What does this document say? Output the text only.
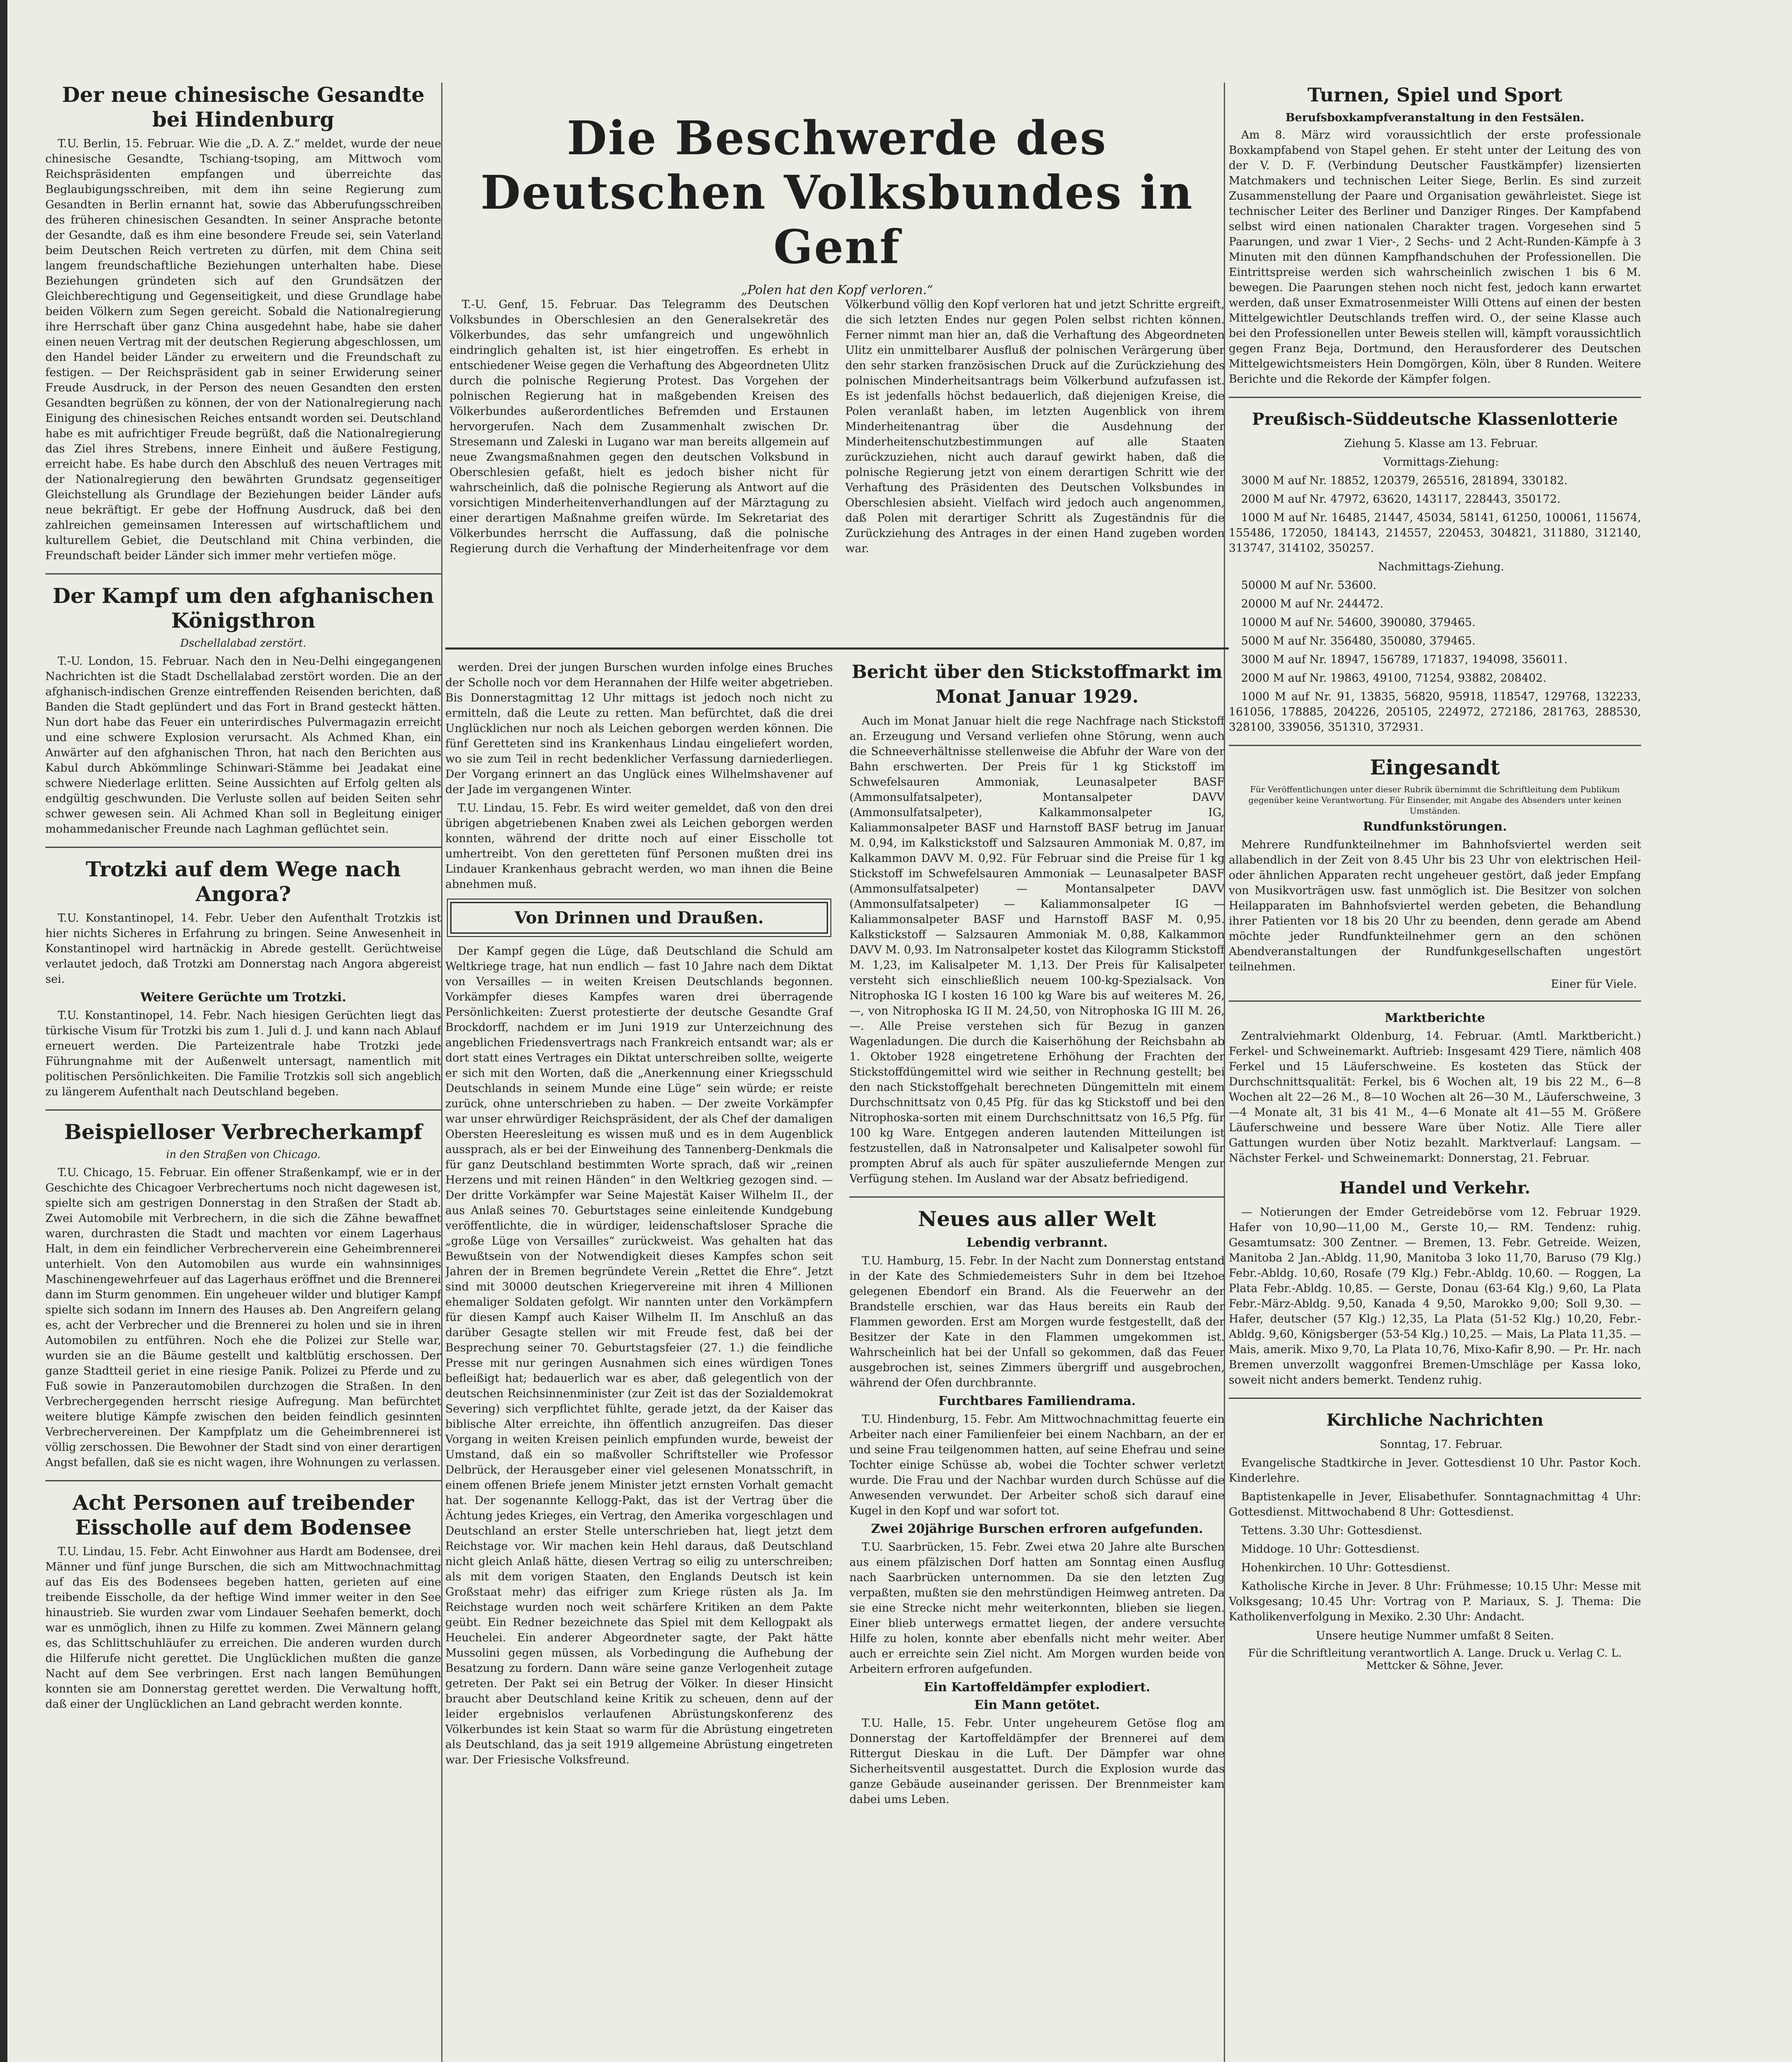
Der neue chinesische Gesandte bei Hindenburg

T.U. Berlin, 15. Februar. Wie die „D. A. Z.“ meldet, wurde der neue chinesische Gesandte, Tschiang-tsoping, am Mittwoch vom Reichspräsidenten empfangen und überreichte das Beglaubigungsschreiben, mit dem ihn seine Regierung zum Gesandten in Berlin ernannt hat, sowie das Abberufungsschreiben des früheren chinesischen Gesandten. In seiner Ansprache betonte der Gesandte, daß es ihm eine besondere Freude sei, sein Vaterland beim Deutschen Reich vertreten zu dürfen, mit dem China seit langem freundschaftliche Beziehungen unterhalten habe. Diese Beziehungen gründeten sich auf den Grundsätzen der Gleichberechtigung und Gegenseitigkeit, und diese Grundlage habe beiden Völkern zum Segen gereicht. Sobald die Nationalregierung ihre Herrschaft über ganz China ausgedehnt habe, habe sie daher einen neuen Vertrag mit der deutschen Regierung abgeschlossen, um den Handel beider Länder zu erweitern und die Freundschaft zu festigen. — Der Reichspräsident gab in seiner Erwiderung seiner Freude Ausdruck, in der Person des neuen Gesandten den ersten Gesandten begrüßen zu können, der von der Nationalregierung nach Einigung des chinesischen Reiches entsandt worden sei. Deutschland habe es mit aufrichtiger Freude begrüßt, daß die Nationalregierung das Ziel ihres Strebens, innere Einheit und äußere Festigung, erreicht habe. Es habe durch den Abschluß des neuen Vertrages mit der Nationalregierung den bewährten Grundsatz gegenseitiger Gleichstellung als Grundlage der Beziehungen beider Länder aufs neue bekräftigt. Er gebe der Hoffnung Ausdruck, daß bei den zahlreichen gemeinsamen Interessen auf wirtschaftlichem und kulturellem Gebiet, die Deutschland mit China verbinden, die Freundschaft beider Länder sich immer mehr vertiefen möge.

Der Kampf um den afghanischen Königsthron
Dschellalabad zerstört.

T.-U. London, 15. Februar. Nach den in Neu-Delhi eingegangenen Nachrichten ist die Stadt Dschellalabad zerstört worden. Die an der afghanisch-indischen Grenze eintreffenden Reisenden berichten, daß Banden die Stadt geplündert und das Fort in Brand gesteckt hätten. Nun dort habe das Feuer ein unterirdisches Pulvermagazin erreicht und eine schwere Explosion verursacht. Als Achmed Khan, ein Anwärter auf den afghanischen Thron, hat nach den Berichten aus Kabul durch Abkömmlinge Schinwari-Stämme bei Jeadakat eine schwere Niederlage erlitten. Seine Aussichten auf Erfolg gelten als endgültig geschwunden. Die Verluste sollen auf beiden Seiten sehr schwer gewesen sein. Ali Achmed Khan soll in Begleitung einiger mohammedanischer Freunde nach Laghman geflüchtet sein.

Trotzki auf dem Wege nach Angora?

T.U. Konstantinopel, 14. Febr. Ueber den Aufenthalt Trotzkis ist hier nichts Sicheres in Erfahrung zu bringen. Seine Anwesenheit in Konstantinopel wird hartnäckig in Abrede gestellt. Gerüchtweise verlautet jedoch, daß Trotzki am Donnerstag nach Angora abgereist sei.

Weitere Gerüchte um Trotzki.

T.U. Konstantinopel, 14. Febr. Nach hiesigen Gerüchten liegt das türkische Visum für Trotzki bis zum 1. Juli d. J. und kann nach Ablauf erneuert werden. Die Parteizentrale habe Trotzki jede Führungnahme mit der Außenwelt untersagt, namentlich mit politischen Persönlichkeiten. Die Familie Trotzkis soll sich angeblich zu längerem Aufenthalt nach Deutschland begeben.

Beispielloser Verbrecherkampf
in den Straßen von Chicago.

T.U. Chicago, 15. Februar. Ein offener Straßenkampf, wie er in der Geschichte des Chicagoer Verbrechertums noch nicht dagewesen ist, spielte sich am gestrigen Donnerstag in den Straßen der Stadt ab. Zwei Automobile mit Verbrechern, in die sich die Zähne bewaffnet waren, durchrasten die Stadt und machten vor einem Lagerhaus Halt, in dem ein feindlicher Verbrecherverein eine Geheimbrennerei unterhielt. Von den Automobilen aus wurde ein wahnsinniges Maschinengewehrfeuer auf das Lagerhaus eröffnet und die Brennerei dann im Sturm genommen. Ein ungeheuer wilder und blutiger Kampf spielte sich sodann im Innern des Hauses ab. Den Angreifern gelang es, acht der Verbrecher und die Brennerei zu holen und sie in ihren Automobilen zu entführen. Noch ehe die Polizei zur Stelle war, wurden sie an die Bäume gestellt und kaltblütig erschossen. Der ganze Stadtteil geriet in eine riesige Panik. Polizei zu Pferde und zu Fuß sowie in Panzerautomobilen durchzogen die Straßen. In den Verbrechergegenden herrscht riesige Aufregung. Man befürchtet weitere blutige Kämpfe zwischen den beiden feindlich gesinnten Verbrechervereinen. Der Kampfplatz um die Geheimbrennerei ist völlig zerschossen. Die Bewohner der Stadt sind von einer derartigen Angst befallen, daß sie es nicht wagen, ihre Wohnungen zu verlassen.

Acht Personen auf treibender Eisscholle auf dem Bodensee

T.U. Lindau, 15. Febr. Acht Einwohner aus Hardt am Bodensee, drei Männer und fünf junge Burschen, die sich am Mittwochnachmittag auf das Eis des Bodensees begeben hatten, gerieten auf eine treibende Eisscholle, da der heftige Wind immer weiter in den See hinaustrieb. Sie wurden zwar vom Lindauer Seehafen bemerkt, doch war es unmöglich, ihnen zu Hilfe zu kommen. Zwei Männern gelang es, das Schlittschuhläufer zu erreichen. Die anderen wurden durch die Hilferufe nicht gerettet. Die Unglücklichen mußten die ganze Nacht auf dem See verbringen. Erst nach langen Bemühungen konnten sie am Donnerstag gerettet werden. Die Verwaltung hofft, daß einer der Unglücklichen an Land gebracht werden konnte.

Die Beschwerde des Deutschen Volksbundes in Genf
„Polen hat den Kopf verloren.“

T.-U. Genf, 15. Februar. Das Telegramm des Deutschen Volksbundes in Oberschlesien an den Generalsekretär des Völkerbundes, das sehr umfangreich und ungewöhnlich eindringlich gehalten ist, ist hier eingetroffen. Es erhebt in entschiedener Weise gegen die Verhaftung des Abgeordneten Ulitz durch die polnische Regierung Protest. Das Vorgehen der polnischen Regierung hat in maßgebenden Kreisen des Völkerbundes außerordentliches Befremden und Erstaunen hervorgerufen. Nach dem Zusammenhalt zwischen Dr. Stresemann und Zaleski in Lugano war man bereits allgemein auf neue Zwangsmaßnahmen gegen den deutschen Volksbund in Oberschlesien gefaßt, hielt es jedoch bisher nicht für wahrscheinlich, daß die polnische Regierung als Antwort auf die vorsichtigen Minderheitenverhandlungen auf der Märztagung zu einer derartigen Maßnahme greifen würde. Im Sekretariat des Völkerbundes herrscht die Auffassung, daß die polnische Regierung durch die Verhaftung der Minderheitenfrage vor dem Völkerbund völlig den Kopf verloren hat und jetzt Schritte ergreift, die sich letzten Endes nur gegen Polen selbst richten können. Ferner nimmt man hier an, daß die Verhaftung des Abgeordneten Ulitz ein unmittelbarer Ausfluß der polnischen Verärgerung über den sehr starken französischen Druck auf die Zurückziehung des polnischen Minderheitsantrags beim Völkerbund aufzufassen ist. Es ist jedenfalls höchst bedauerlich, daß diejenigen Kreise, die Polen veranlaßt haben, im letzten Augenblick von ihrem Minderheitenantrag über die Ausdehnung der Minderheitenschutzbestimmungen auf alle Staaten zurückzuziehen, nicht auch darauf gewirkt haben, daß die polnische Regierung jetzt von einem derartigen Schritt wie der Verhaftung des Präsidenten des Deutschen Volksbundes in Oberschlesien absieht. Vielfach wird jedoch auch angenommen, daß Polen mit derartiger Schritt als Zugeständnis für die Zurückziehung des Antrages in der einen Hand zugeben worden war.

werden. Drei der jungen Burschen wurden infolge eines Bruches der Scholle noch vor dem Herannahen der Hilfe weiter abgetrieben. Bis Donnerstagmittag 12 Uhr mittags ist jedoch noch nicht zu ermitteln, daß die Leute zu retten. Man befürchtet, daß die drei Unglücklichen nur noch als Leichen geborgen werden können. Die fünf Geretteten sind ins Krankenhaus Lindau eingeliefert worden, wo sie zum Teil in recht bedenklicher Verfassung darniederliegen. Der Vorgang erinnert an das Unglück eines Wilhelmshavener auf der Jade im vergangenen Winter.

T.U. Lindau, 15. Febr. Es wird weiter gemeldet, daß von den drei übrigen abgetriebenen Knaben zwei als Leichen geborgen werden konnten, während der dritte noch auf einer Eisscholle tot umhertreibt. Von den geretteten fünf Personen mußten drei ins Lindauer Krankenhaus gebracht werden, wo man ihnen die Beine abnehmen muß.

Von Drinnen und Draußen.

Der Kampf gegen die Lüge, daß Deutschland die Schuld am Weltkriege trage, hat nun endlich — fast 10 Jahre nach dem Diktat von Versailles — in weiten Kreisen Deutschlands begonnen. Vorkämpfer dieses Kampfes waren drei überragende Persönlichkeiten: Zuerst protestierte der deutsche Gesandte Graf Brockdorff, nachdem er im Juni 1919 zur Unterzeichnung des angeblichen Friedensvertrags nach Frankreich entsandt war; als er dort statt eines Vertrages ein Diktat unterschreiben sollte, weigerte er sich mit den Worten, daß die „Anerkennung einer Kriegsschuld Deutschlands in seinem Munde eine Lüge“ sein würde; er reiste zurück, ohne unterschrieben zu haben. — Der zweite Vorkämpfer war unser ehrwürdiger Reichspräsident, der als Chef der damaligen Obersten Heeresleitung es wissen muß und es in dem Augenblick aussprach, als er bei der Einweihung des Tannenberg-Denkmals die für ganz Deutschland bestimmten Worte sprach, daß wir „reinen Herzens und mit reinen Händen“ in den Weltkrieg gezogen sind. — Der dritte Vorkämpfer war Seine Majestät Kaiser Wilhelm II., der aus Anlaß seines 70. Geburtstages seine einleitende Kundgebung veröffentlichte, die in würdiger, leidenschaftsloser Sprache die „große Lüge von Versailles“ zurückweist. Was gehalten hat das Bewußtsein von der Notwendigkeit dieses Kampfes schon seit Jahren der in Bremen begründete Verein „Rettet die Ehre“. Jetzt sind mit 30000 deutschen Kriegervereine mit ihren 4 Millionen ehemaliger Soldaten gefolgt. Wir nannten unter den Vorkämpfern für diesen Kampf auch Kaiser Wilhelm II. Im Anschluß an das darüber Gesagte stellen wir mit Freude fest, daß bei der Besprechung seiner 70. Geburtstagsfeier (27. 1.) die feindliche Presse mit nur geringen Ausnahmen sich eines würdigen Tones befleißigt hat; bedauerlich war es aber, daß gelegentlich von der deutschen Reichsinnenminister (zur Zeit ist das der Sozialdemokrat Severing) sich verpflichtet fühlte, gerade jetzt, da der Kaiser das biblische Alter erreichte, ihn öffentlich anzugreifen. Das dieser Vorgang in weiten Kreisen peinlich empfunden wurde, beweist der Umstand, daß ein so maßvoller Schriftsteller wie Professor Delbrück, der Herausgeber einer viel gelesenen Monatsschrift, in einem offenen Briefe jenem Minister jetzt ernsten Vorhalt gemacht hat. Der sogenannte Kellogg-Pakt, das ist der Vertrag über die Ächtung jedes Krieges, ein Vertrag, den Amerika vorgeschlagen und Deutschland an erster Stelle unterschrieben hat, liegt jetzt dem Reichstage vor. Wir machen kein Hehl daraus, daß Deutschland nicht gleich Anlaß hätte, diesen Vertrag so eilig zu unterschreiben; als mit dem vorigen Staaten, den Englands Deutsch ist kein Großstaat mehr) das eifriger zum Kriege rüsten als Ja. Im Reichstage wurden noch weit schärfere Kritiken an dem Pakte geübt. Ein Redner bezeichnete das Spiel mit dem Kellogpakt als Heuchelei. Ein anderer Abgeordneter sagte, der Pakt hätte Mussolini gegen müssen, als Vorbedingung die Aufhebung der Besatzung zu fordern. Dann wäre seine ganze Verlogenheit zutage getreten. Der Pakt sei ein Betrug der Völker. In dieser Hinsicht braucht aber Deutschland keine Kritik zu scheuen, denn auf der leider ergebnislos verlaufenen Abrüstungskonferenz des Völkerbundes ist kein Staat so warm für die Abrüstung eingetreten als Deutschland, das ja seit 1919 allgemeine Abrüstung eingetreten war. Der Friesische Volksfreund.

Bericht über den Stickstoffmarkt im Monat Januar 1929.

Auch im Monat Januar hielt die rege Nachfrage nach Stickstoff an. Erzeugung und Versand verliefen ohne Störung, wenn auch die Schneeverhältnisse stellenweise die Abfuhr der Ware von der Bahn erschwerten. Der Preis für 1 kg Stickstoff im Schwefelsauren Ammoniak, Leunasalpeter BASF (Ammonsulfatsalpeter), Montansalpeter DAVV (Ammonsulfatsalpeter), Kalkammonsalpeter IG, Kaliammonsalpeter BASF und Harnstoff BASF betrug im Januar M. 0,94, im Kalkstickstoff und Salzsauren Ammoniak M. 0,87, im Kalkammon DAVV M. 0,92. Für Februar sind die Preise für 1 kg Stickstoff im Schwefelsauren Ammoniak — Leunasalpeter BASF (Ammonsulfatsalpeter) — Montansalpeter DAVV (Ammonsulfatsalpeter) — Kaliammonsalpeter IG — Kaliammonsalpeter BASF und Harnstoff BASF M. 0,95. Kalkstickstoff — Salzsauren Ammoniak M. 0,88, Kalkammon DAVV M. 0,93. Im Natronsalpeter kostet das Kilogramm Stickstoff M. 1,23, im Kalisalpeter M. 1,13. Der Preis für Kalisalpeter versteht sich einschließlich neuem 100-kg-Spezialsack. Von Nitrophoska IG I kosten 16 100 kg Ware bis auf weiteres M. 26,—, von Nitrophoska IG II M. 24,50, von Nitrophoska IG III M. 26,—. Alle Preise verstehen sich für Bezug in ganzen Wagenladungen. Die durch die Kaiserhöhung der Reichsbahn ab 1. Oktober 1928 eingetretene Erhöhung der Frachten der Stickstoffdüngemittel wird wie seither in Rechnung gestellt; bei den nach Stickstoffgehalt berechneten Düngemitteln mit einem Durchschnittsatz von 0,45 Pfg. für das kg Stickstoff und bei den Nitrophoska-sorten mit einem Durchschnittsatz von 16,5 Pfg. für 100 kg Ware. Entgegen anderen lautenden Mitteilungen ist festzustellen, daß in Natronsalpeter und Kalisalpeter sowohl für prompten Abruf als auch für später auszuliefernde Mengen zur Verfügung stehen. Im Ausland war der Absatz befriedigend.

Neues aus aller Welt
Lebendig verbrannt.

T.U. Hamburg, 15. Febr. In der Nacht zum Donnerstag entstand in der Kate des Schmiedemeisters Suhr in dem bei Itzehoe gelegenen Ebendorf ein Brand. Als die Feuerwehr an der Brandstelle erschien, war das Haus bereits ein Raub der Flammen geworden. Erst am Morgen wurde festgestellt, daß der Besitzer der Kate in den Flammen umgekommen ist. Wahrscheinlich hat bei der Unfall so gekommen, daß das Feuer ausgebrochen ist, seines Zimmers übergriff und ausgebrochen, während der Ofen durchbrannte.

Furchtbares Familiendrama.

T.U. Hindenburg, 15. Febr. Am Mittwochnachmittag feuerte ein Arbeiter nach einer Familienfeier bei einem Nachbarn, an der er und seine Frau teilgenommen hatten, auf seine Ehefrau und seine Tochter einige Schüsse ab, wobei die Tochter schwer verletzt wurde. Die Frau und der Nachbar wurden durch Schüsse auf die Anwesenden verwundet. Der Arbeiter schoß sich darauf eine Kugel in den Kopf und war sofort tot.

Zwei 20jährige Burschen erfroren aufgefunden.

T.U. Saarbrücken, 15. Febr. Zwei etwa 20 Jahre alte Burschen aus einem pfälzischen Dorf hatten am Sonntag einen Ausflug nach Saarbrücken unternommen. Da sie den letzten Zug verpaßten, mußten sie den mehrstündigen Heimweg antreten. Da sie eine Strecke nicht mehr weiterkonnten, blieben sie liegen. Einer blieb unterwegs ermattet liegen, der andere versuchte Hilfe zu holen, konnte aber ebenfalls nicht mehr weiter. Aber auch er erreichte sein Ziel nicht. Am Morgen wurden beide von Arbeitern erfroren aufgefunden.

Ein Kartoffeldämpfer explodiert.
Ein Mann getötet.

T.U. Halle, 15. Febr. Unter ungeheurem Getöse flog am Donnerstag der Kartoffeldämpfer der Brennerei auf dem Rittergut Dieskau in die Luft. Der Dämpfer war ohne Sicherheitsventil ausgestattet. Durch die Explosion wurde das ganze Gebäude auseinander gerissen. Der Brennmeister kam dabei ums Leben.

Turnen, Spiel und Sport
Berufsboxkampfveranstaltung in den Festsälen.

Am 8. März wird voraussichtlich der erste professionale Boxkampfabend von Stapel gehen. Er steht unter der Leitung des von der V. D. F. (Verbindung Deutscher Faustkämpfer) lizensierten Matchmakers und technischen Leiter Siege, Berlin. Es sind zurzeit Zusammenstellung der Paare und Organisation gewährleistet. Siege ist technischer Leiter des Berliner und Danziger Ringes. Der Kampfabend selbst wird einen nationalen Charakter tragen. Vorgesehen sind 5 Paarungen, und zwar 1 Vier-, 2 Sechs- und 2 Acht-Runden-Kämpfe à 3 Minuten mit den dünnen Kampfhandschuhen der Professionellen. Die Eintrittspreise werden sich wahrscheinlich zwischen 1 bis 6 M. bewegen. Die Paarungen stehen noch nicht fest, jedoch kann erwartet werden, daß unser Exmatrosenmeister Willi Ottens auf einen der besten Mittelgewichtler Deutschlands treffen wird. O., der seine Klasse auch bei den Professionellen unter Beweis stellen will, kämpft voraussichtlich gegen Franz Beja, Dortmund, den Herausforderer des Deutschen Mittelgewichtsmeisters Hein Domgörgen, Köln, über 8 Runden. Weitere Berichte und die Rekorde der Kämpfer folgen.

Preußisch-Süddeutsche Klassenlotterie

Ziehung 5. Klasse am 13. Februar.

Vormittags-Ziehung:

3000 M auf Nr. 18852, 120379, 265516, 281894, 330182.

2000 M auf Nr. 47972, 63620, 143117, 228443, 350172.

1000 M auf Nr. 16485, 21447, 45034, 58141, 61250, 100061, 115674, 155486, 172050, 184143, 214557, 220453, 304821, 311880, 312140, 313747, 314102, 350257.

Nachmittags-Ziehung.

50000 M auf Nr. 53600.

20000 M auf Nr. 244472.

10000 M auf Nr. 54600, 390080, 379465.

5000 M auf Nr. 356480, 350080, 379465.

3000 M auf Nr. 18947, 156789, 171837, 194098, 356011.

2000 M auf Nr. 19863, 49100, 71254, 93882, 208402.

1000 M auf Nr. 91, 13835, 56820, 95918, 118547, 129768, 132233, 161056, 178885, 204226, 205105, 224972, 272186, 281763, 288530, 328100, 339056, 351310, 372931.

Eingesandt

Für Veröffentlichungen unter dieser Rubrik übernimmt die Schriftleitung dem Publikum gegenüber keine Verantwortung. Für Einsender, mit Angabe des Absenders unter keinen Umständen.

Rundfunkstörungen.

Mehrere Rundfunkteilnehmer im Bahnhofsviertel werden seit allabendlich in der Zeit von 8.45 Uhr bis 23 Uhr von elektrischen Heil- oder ähnlichen Apparaten recht ungeheuer gestört, daß jeder Empfang von Musikvorträgen usw. fast unmöglich ist. Die Besitzer von solchen Heilapparaten im Bahnhofsviertel werden gebeten, die Behandlung ihrer Patienten vor 18 bis 20 Uhr zu beenden, denn gerade am Abend möchte jeder Rundfunkteilnehmer gern an den schönen Abendveranstaltungen der Rundfunkgesellschaften ungestört teilnehmen.

Einer für Viele.
Marktberichte

Zentralviehmarkt Oldenburg, 14. Februar. (Amtl. Marktbericht.) Ferkel- und Schweinemarkt. Auftrieb: Insgesamt 429 Tiere, nämlich 408 Ferkel und 15 Läuferschweine. Es kosteten das Stück der Durchschnittsqualität: Ferkel, bis 6 Wochen alt, 19 bis 22 M., 6—8 Wochen alt 22—26 M., 8—10 Wochen alt 26—30 M., Läuferschweine, 3—4 Monate alt, 31 bis 41 M., 4—6 Monate alt 41—55 M. Größere Läuferschweine und bessere Ware über Notiz. Alle Tiere aller Gattungen wurden über Notiz bezahlt. Marktverlauf: Langsam. — Nächster Ferkel- und Schweinemarkt: Donnerstag, 21. Februar.

Handel und Verkehr.

— Notierungen der Emder Getreidebörse vom 12. Februar 1929. Hafer von 10,90—11,00 M., Gerste 10,— RM. Tendenz: ruhig. Gesamtumsatz: 300 Zentner. — Bremen, 13. Febr. Getreide. Weizen, Manitoba 2 Jan.-Abldg. 11,90, Manitoba 3 loko 11,70, Baruso (79 Klg.) Febr.-Abldg. 10,60, Rosafe (79 Klg.) Febr.-Abldg. 10,60. — Roggen, La Plata Febr.-Abldg. 10,85. — Gerste, Donau (63-64 Klg.) 9,60, La Plata Febr.-März-Abldg. 9,50, Kanada 4 9,50, Marokko 9,00; Soll 9,30. — Hafer, deutscher (57 Klg.) 12,35, La Plata (51-52 Klg.) 10,20, Febr.-Abldg. 9,60, Königsberger (53-54 Klg.) 10,25. — Mais, La Plata 11,35. — Mais, amerik. Mixo 9,70, La Plata 10,76, Mixo-Kafir 8,90. — Pr. Hr. nach Bremen unverzollt waggonfrei Bremen-Umschläge per Kassa loko, soweit nicht anders bemerkt. Tendenz ruhig.

Kirchliche Nachrichten

Sonntag, 17. Februar.

Evangelische Stadtkirche in Jever. Gottesdienst 10 Uhr. Pastor Koch. Kinderlehre.

Baptistenkapelle in Jever, Elisabethufer. Sonntagnachmittag 4 Uhr: Gottesdienst. Mittwochabend 8 Uhr: Gottesdienst.

Tettens. 3.30 Uhr: Gottesdienst.

Middoge. 10 Uhr: Gottesdienst.

Hohenkirchen. 10 Uhr: Gottesdienst.

Katholische Kirche in Jever. 8 Uhr: Frühmesse; 10.15 Uhr: Messe mit Volksgesang; 10.45 Uhr: Vortrag von P. Mariaux, S. J. Thema: Die Katholikenverfolgung in Mexiko. 2.30 Uhr: Andacht.

Unsere heutige Nummer umfaßt 8 Seiten.
Für die Schriftleitung verantwortlich A. Lange. Druck u. Verlag C. L. Mettcker & Söhne, Jever.
